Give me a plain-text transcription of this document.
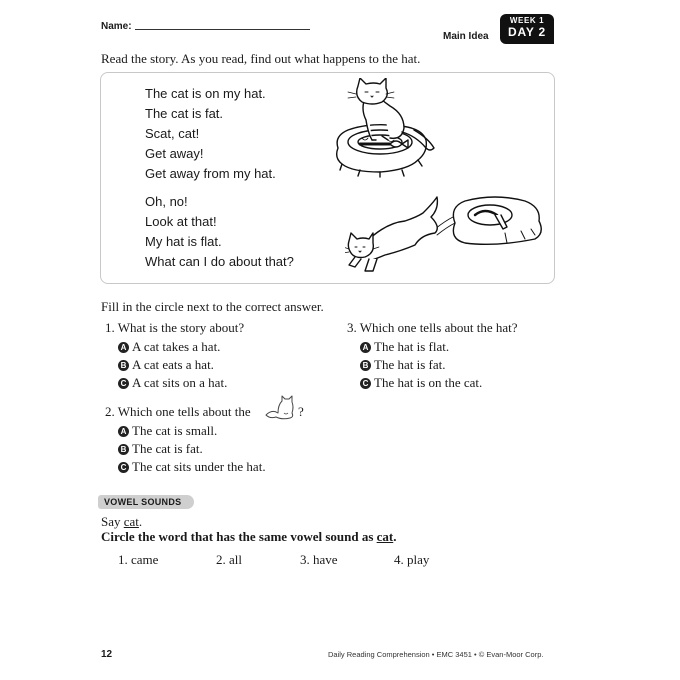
Name:
Main Idea
WEEK 1
DAY 2
Read the story. As you read, find out what happens to the hat.
The cat is on my hat.
The cat is fat.
Scat, cat!
Get away!
Get away from my hat.
Oh, no!
Look at that!
My hat is flat.
What can I do about that?
Fill in the circle next to the correct answer.
1. What is the story about?
A A cat takes a hat.
B A cat eats a hat.
C A cat sits on a hat.
3. Which one tells about the hat?
A The hat is flat.
B The hat is fat.
C The hat is on the cat.
2. Which one tells about the	?
A The cat is small.
B The cat is fat.
C The cat sits under the hat.
VOWEL SOUNDS
Say cat.
Circle the word that has the same vowel sound as cat.
1. came	2. all	3. have	4. play
12	Daily Reading Comprehension • EMC 3451 • © Evan-Moor Corp.
